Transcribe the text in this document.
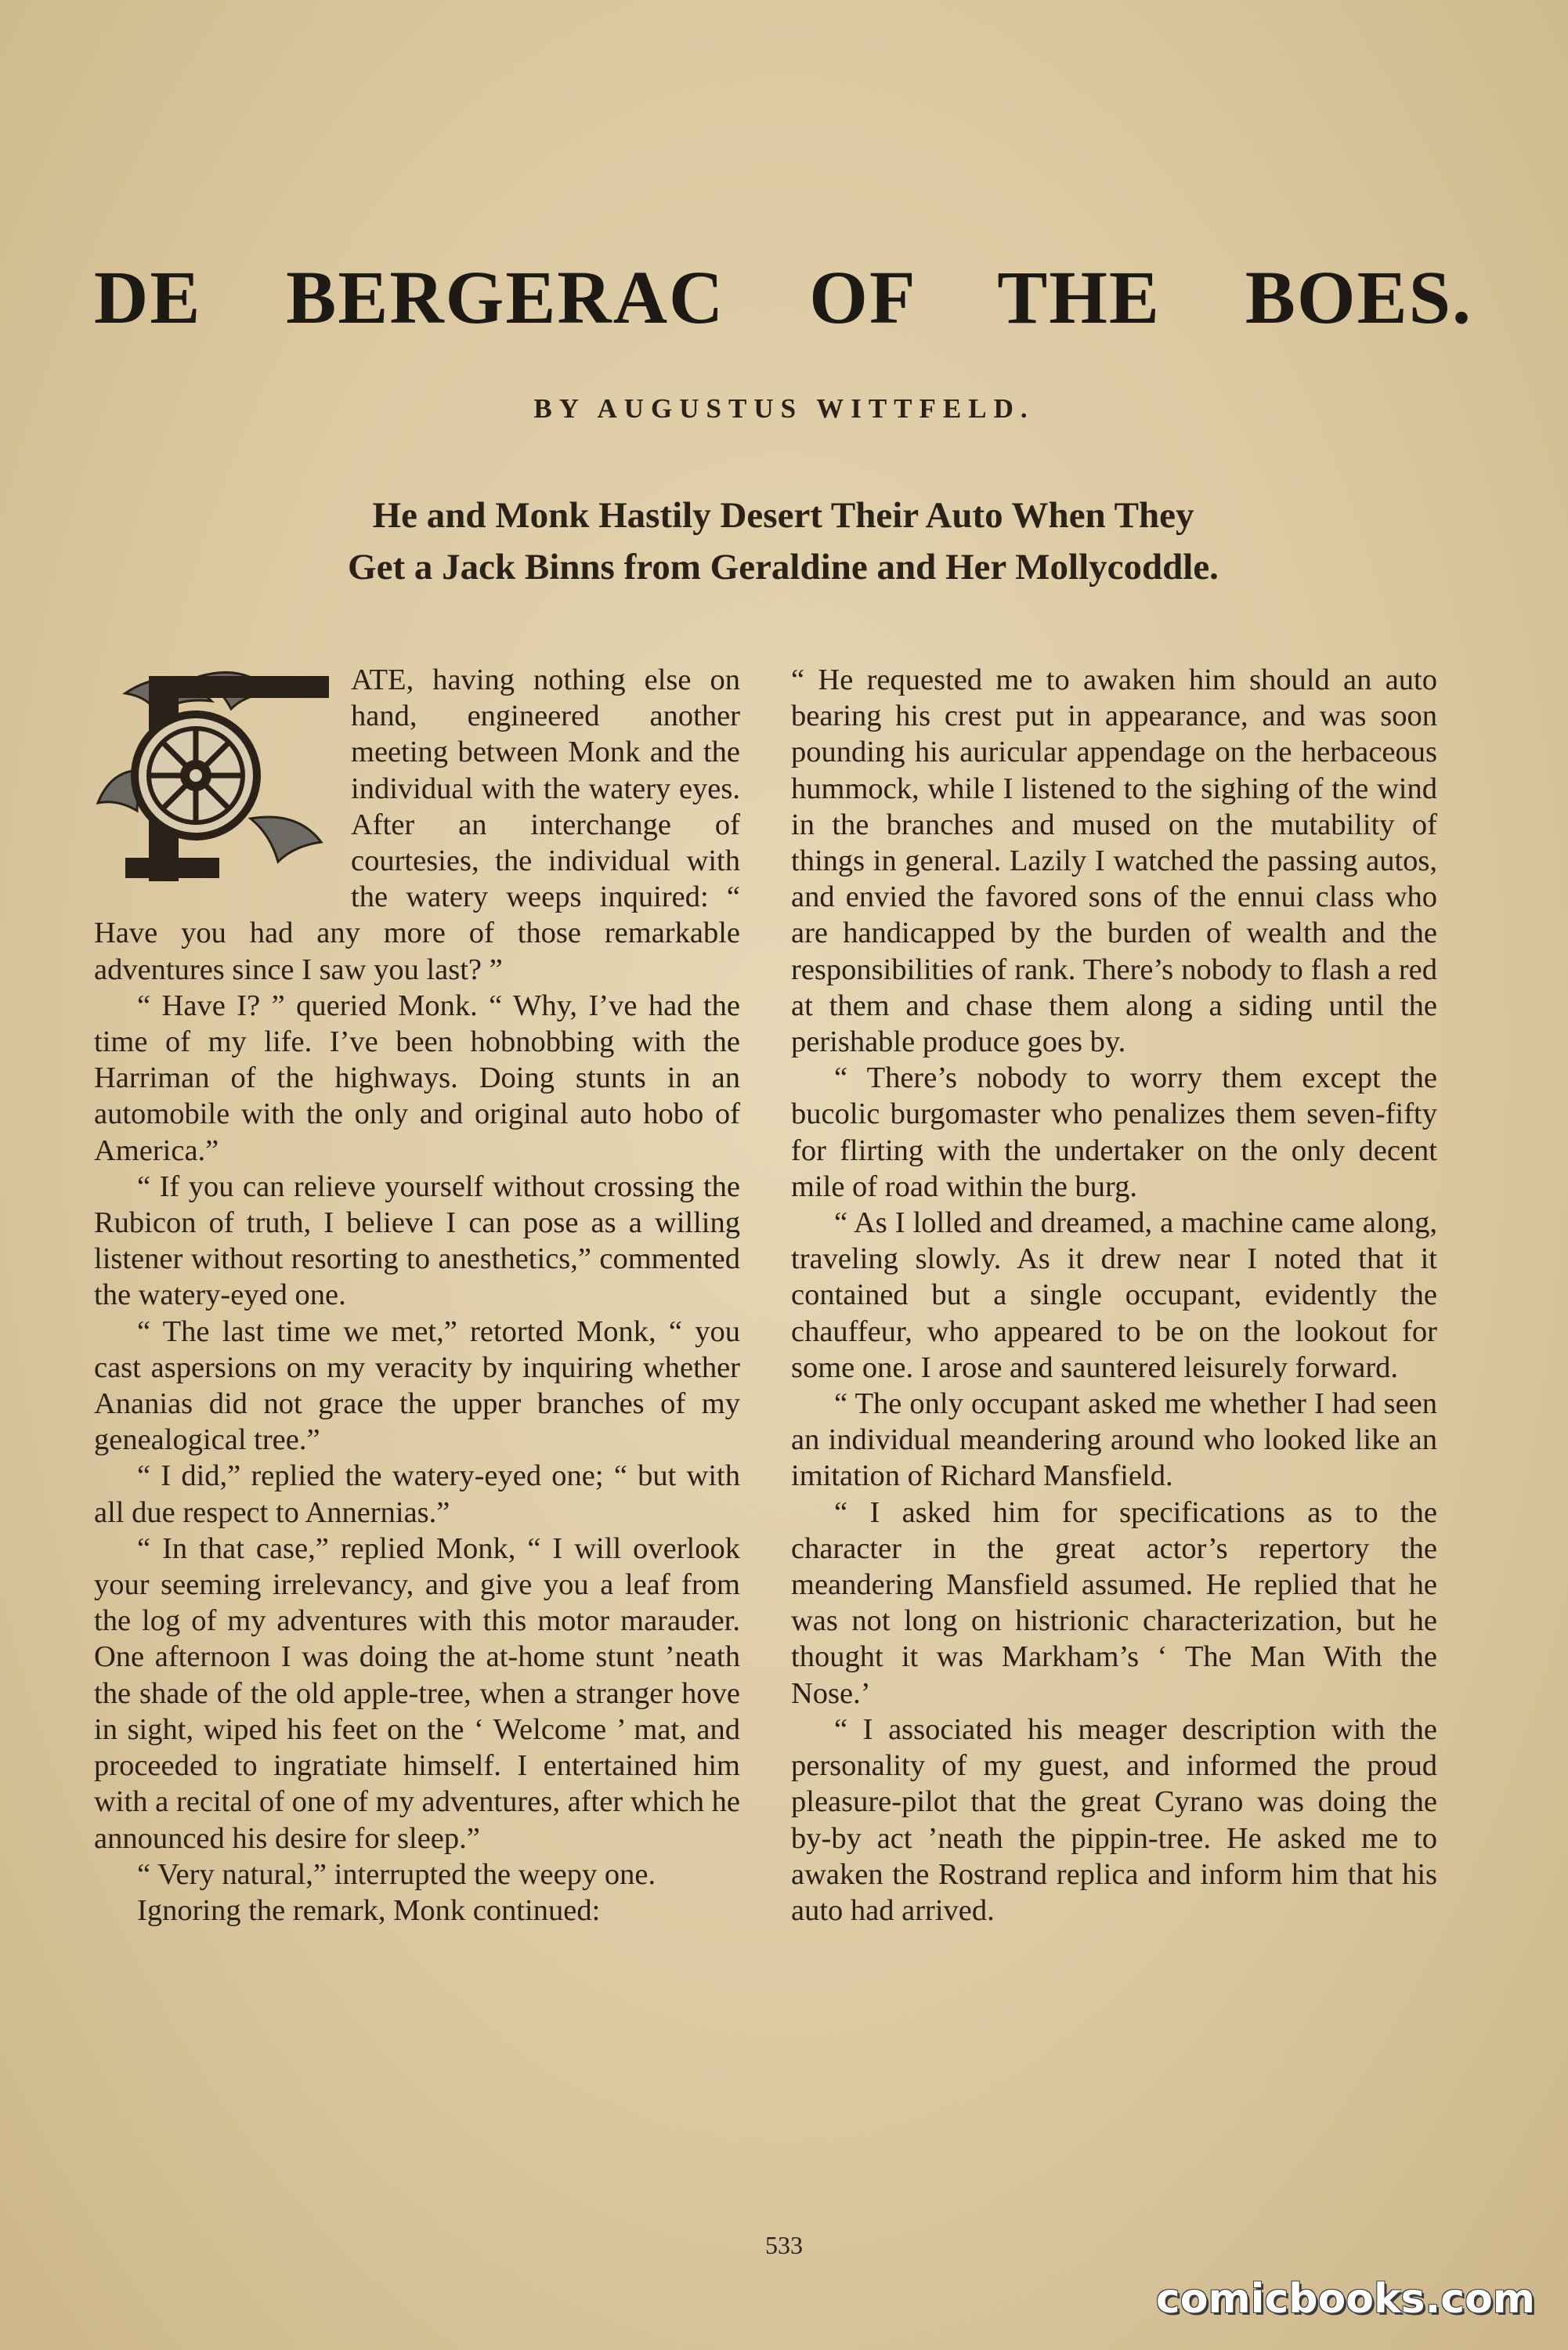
DE BERGERAC OF THE BOES.

BY AUGUSTUS WITTFELD.

He and Monk Hastily Desert Their Auto When They
Get a Jack Binns from Geraldine and Her Mollycoddle.

ATE, having nothing else on hand, engineered another meeting between Monk and the individual with the watery eyes. After an interchange of courtesies, the individual with the watery weeps inquired: “ Have you had any more of those remarkable adventures since I saw you last? ”

“ Have I? ” queried Monk. “ Why, I’ve had the time of my life. I’ve been hobnobbing with the Harriman of the highways. Doing stunts in an automobile with the only and original auto hobo of America.”

“ If you can relieve yourself without crossing the Rubicon of truth, I believe I can pose as a willing listener without resorting to anesthetics,” commented the watery-eyed one.

“ The last time we met,” retorted Monk, “ you cast aspersions on my veracity by inquiring whether Ananias did not grace the upper branches of my genealogical tree.”

“ I did,” replied the watery-eyed one; “ but with all due respect to Annernias.”

“ In that case,” replied Monk, “ I will overlook your seeming irrelevancy, and give you a leaf from the log of my adventures with this motor marauder. One afternoon I was doing the at-home stunt ’neath the shade of the old apple-tree, when a stranger hove in sight, wiped his feet on the ‘ Welcome ’ mat, and proceeded to ingratiate himself. I entertained him with a recital of one of my adventures, after which he announced his desire for sleep.”

“ Very natural,” interrupted the weepy one.

Ignoring the remark, Monk continued:

“ He requested me to awaken him should an auto bearing his crest put in appearance, and was soon pounding his auricular appendage on the herbaceous hummock, while I listened to the sighing of the wind in the branches and mused on the mutability of things in general. Lazily I watched the passing autos, and envied the favored sons of the ennui class who are handicapped by the burden of wealth and the responsibilities of rank. There’s nobody to flash a red at them and chase them along a siding until the perishable produce goes by.

“ There’s nobody to worry them except the bucolic burgomaster who penalizes them seven-fifty for flirting with the undertaker on the only decent mile of road within the burg.

“ As I lolled and dreamed, a machine came along, traveling slowly. As it drew near I noted that it contained but a single occupant, evidently the chauffeur, who appeared to be on the lookout for some one. I arose and sauntered leisurely forward.

“ The only occupant asked me whether I had seen an individual meandering around who looked like an imitation of Richard Mansfield.

“ I asked him for specifications as to the character in the great actor’s repertory the meandering Mansfield assumed. He replied that he was not long on histrionic characterization, but he thought it was Markham’s ‘ The Man With the Nose.’

“ I associated his meager description with the personality of my guest, and informed the proud pleasure-pilot that the great Cyrano was doing the by-by act ’neath the pippin-tree. He asked me to awaken the Rostrand replica and inform him that his auto had arrived.

533

comicbooks.com
